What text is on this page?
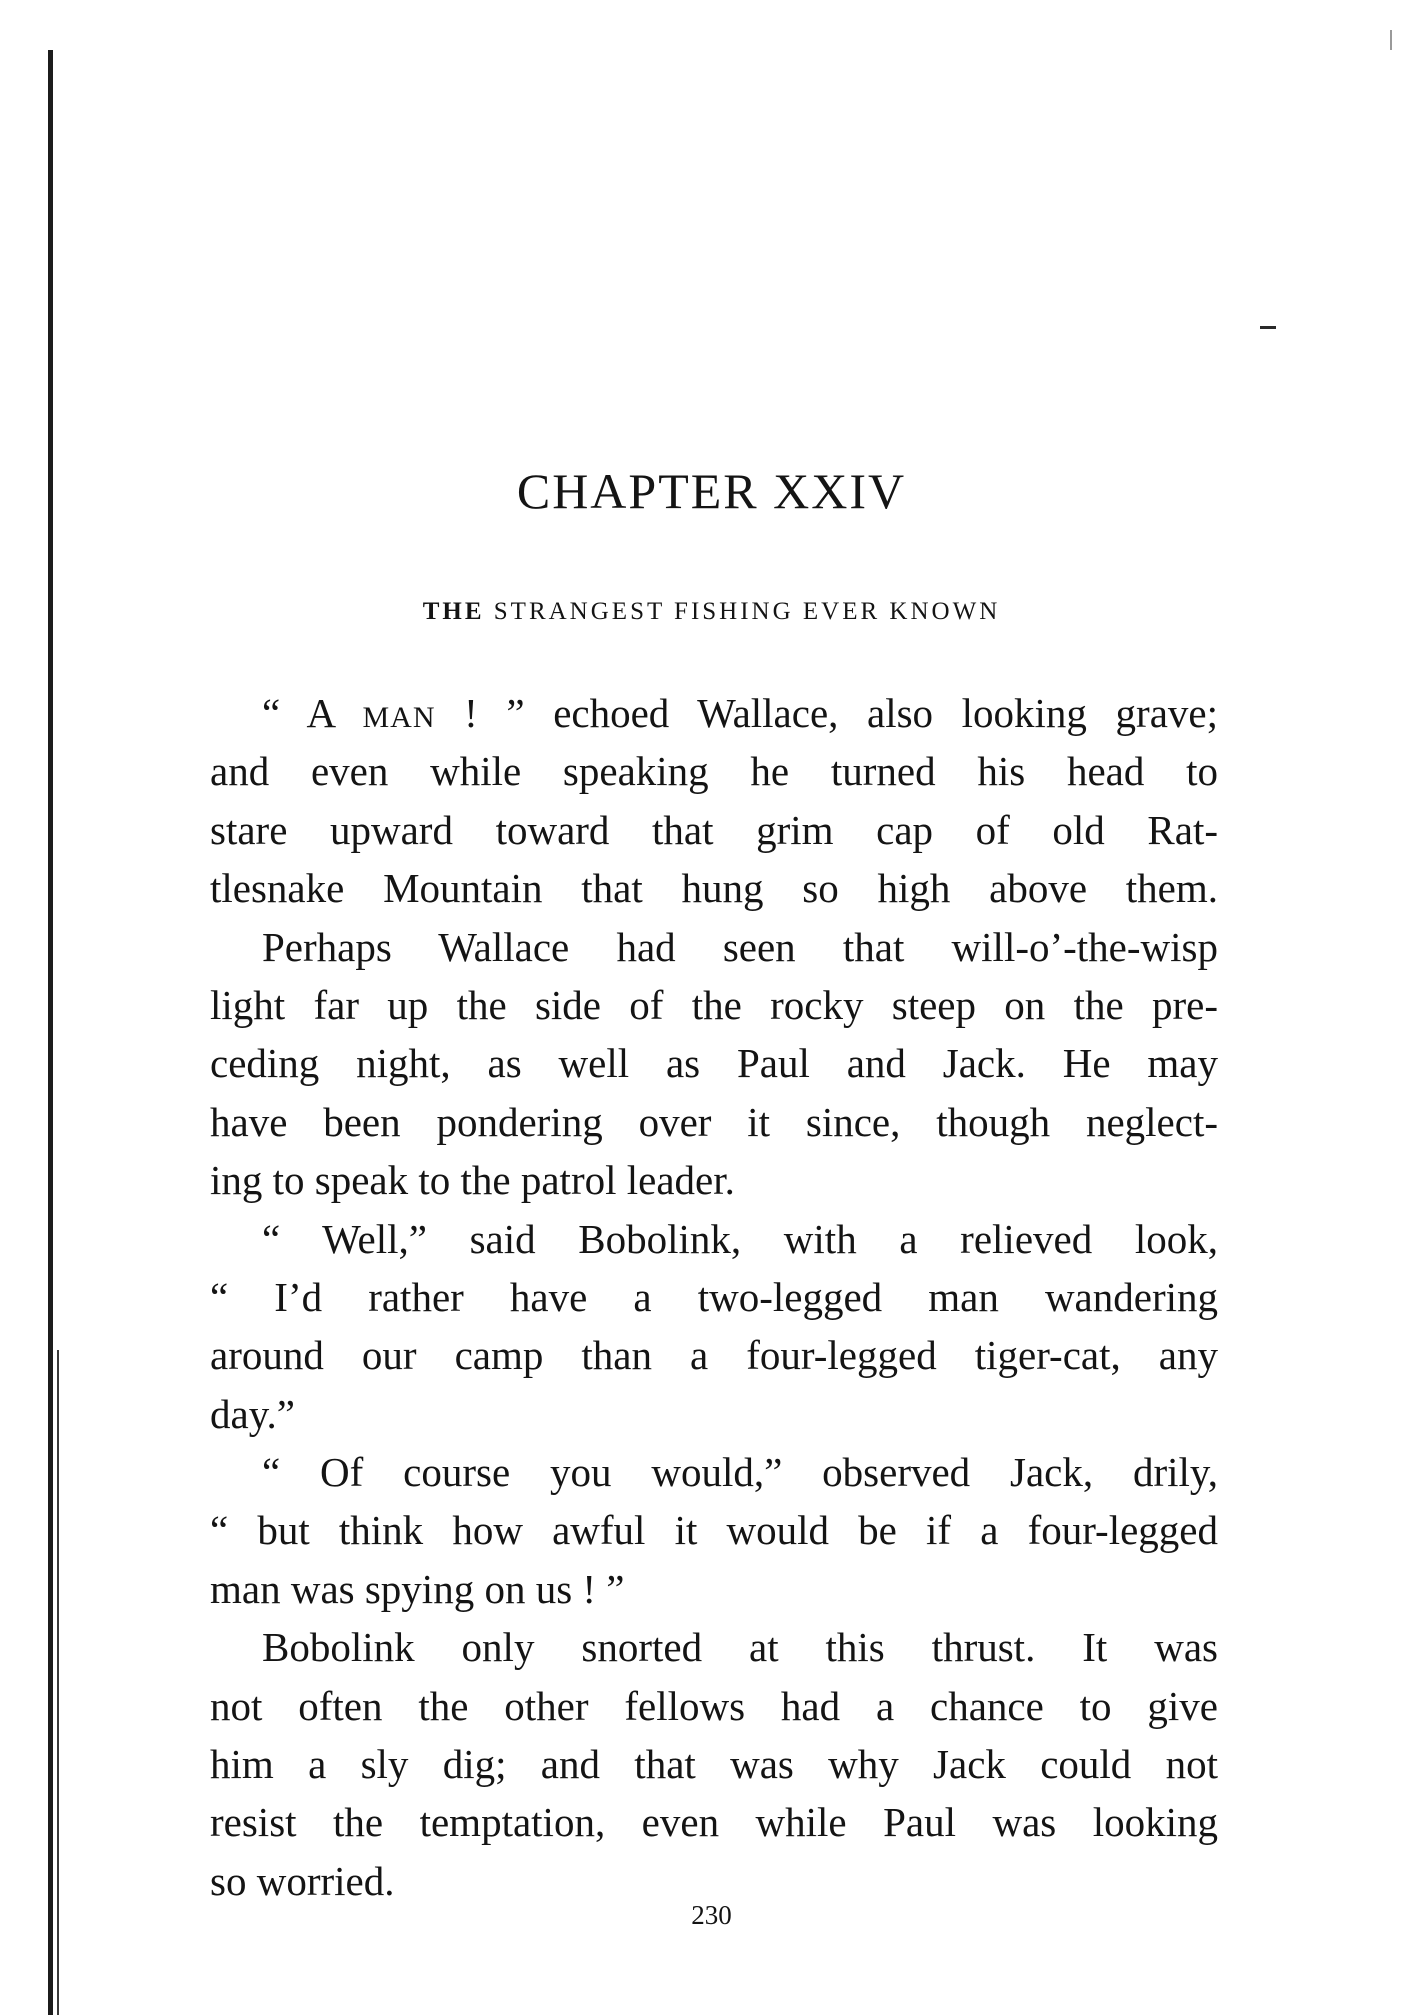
CHAPTER XXIV
THE STRANGEST FISHING EVER KNOWN
“ A MAN ! ” echoed Wallace, also looking grave;
and even while speaking he turned his head to
stare upward toward that grim cap of old Rat-
tlesnake Mountain that hung so high above them.
Perhaps Wallace had seen that will-o’-the-wisp
light far up the side of the rocky steep on the pre-
ceding night, as well as Paul and Jack. He may
have been pondering over it since, though neglect-
ing to speak to the patrol leader.
“ Well,” said Bobolink, with a relieved look,
“ I’d rather have a two-legged man wandering
around our camp than a four-legged tiger-cat, any
day.”
“ Of course you would,” observed Jack, drily,
“ but think how awful it would be if a four-legged
man was spying on us ! ”
Bobolink only snorted at this thrust. It was
not often the other fellows had a chance to give
him a sly dig; and that was why Jack could not
resist the temptation, even while Paul was looking
so worried.
230
